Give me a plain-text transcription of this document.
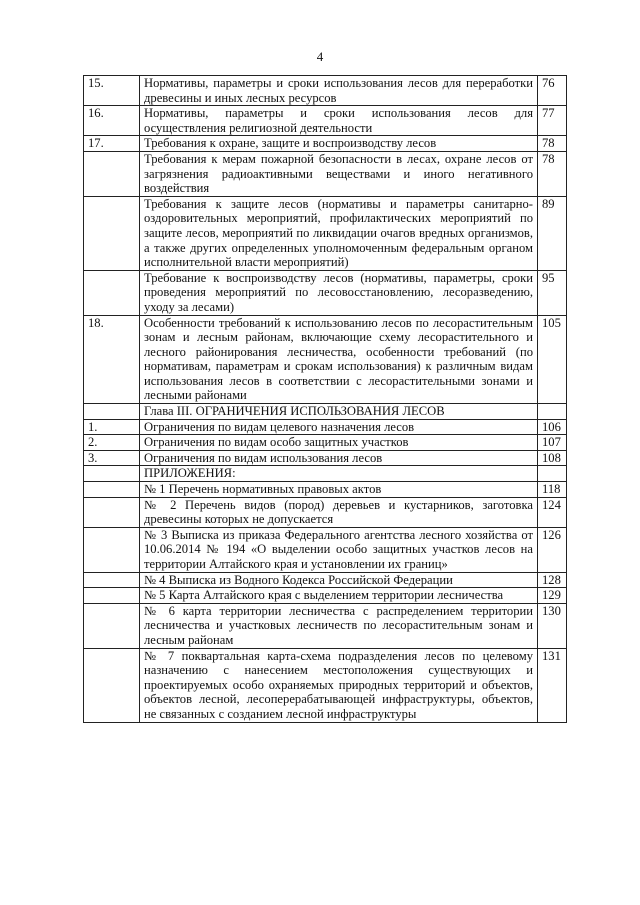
4
15.	Нормативы, параметры и сроки использования лесов для переработки древесины и иных лесных ресурсов	76
16.	Нормативы, параметры и сроки использования лесов для осуществления религиозной деятельности	77
17.	Требования к охране, защите и воспроизводству лесов	78
	Требования к мерам пожарной безопасности в лесах, охране лесов от загрязнения радиоактивными веществами и иного негативного воздействия	78
	Требования к защите лесов (нормативы и параметры санитарно-оздоровительных мероприятий, профилактических мероприятий по защите лесов, мероприятий по ликвидации очагов вредных организмов, а также других определенных уполномоченным федеральным органом исполнительной власти мероприятий)	89
	Требование к воспроизводству лесов (нормативы, параметры, сроки проведения мероприятий по лесовосстановлению, лесоразведению, уходу за лесами)	95
18.	Особенности требований к использованию лесов по лесорастительным зонам и лесным районам, включающие схему лесорастительного и лесного районирования лесничества, особенности требований (по нормативам, параметрам и срокам использования) к различным видам использования лесов в соответствии с лесорастительными зонами и лесными районами	105
	Глава III. ОГРАНИЧЕНИЯ ИСПОЛЬЗОВАНИЯ ЛЕСОВ	
1.	Ограничения по видам целевого назначения лесов	106
2.	Ограничения по видам особо защитных участков	107
3.	Ограничения по видам использования лесов	108
	ПРИЛОЖЕНИЯ:	
	№ 1 Перечень нормативных правовых актов	118
	№ 2 Перечень видов (пород) деревьев и кустарников, заготовка древесины которых не допускается	124
	№ 3 Выписка из приказа Федерального агентства лесного хозяйства от 10.06.2014 № 194 «О выделении особо защитных участков лесов на территории Алтайского края и установлении их границ»	126
	№ 4 Выписка из Водного Кодекса Российской Федерации	128
	№ 5 Карта Алтайского края с выделением территории лесничества	129
	№ 6 карта территории лесничества с распределением территории лесничества и участковых лесничеств по лесорастительным зонам и лесным районам	130
	№ 7 поквартальная карта-схема подразделения лесов по целевому назначению с нанесением местоположения существующих и проектируемых особо охраняемых природных территорий и объектов, объектов лесной, лесоперерабатывающей инфраструктуры, объектов, не связанных с созданием лесной инфраструктуры	131
